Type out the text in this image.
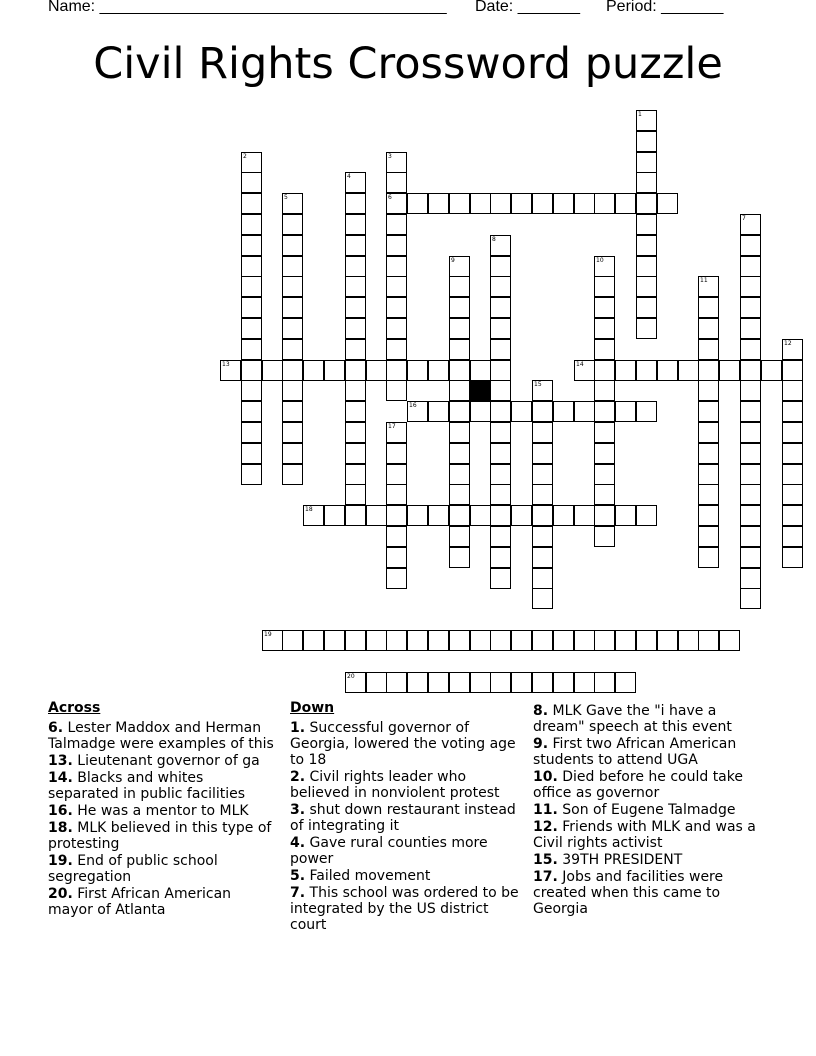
Name: _______________________________________ Date: _______ Period: _______
Civil Rights Crossword puzzle
1
2	3
6
4
5
7
8
9	10
11
12
13	14
15
16
17
18
19
20
Across
6. Lester Maddox and Herman Talmadge were examples of this
13. Lieutenant governor of ga
14. Blacks and whites separated in public facilities
16. He was a mentor to MLK
18. MLK believed in this type of protesting
19. End of public school segregation
20. First African American mayor of Atlanta
Down
1. Successful governor of Georgia, lowered the voting age to 18
2. Civil rights leader who believed in nonviolent protest
3. shut down restaurant instead of integrating it
4. Gave rural counties more power
5. Failed movement
7. This school was ordered to be integrated by the US district court
8. MLK Gave the "i have a dream" speech at this event
9. First two African American students to attend UGA
10. Died before he could take office as governor
11. Son of Eugene Talmadge
12. Friends with MLK and was a Civil rights activist
15. 39TH PRESIDENT
17. Jobs and facilities were created when this came to Georgia
